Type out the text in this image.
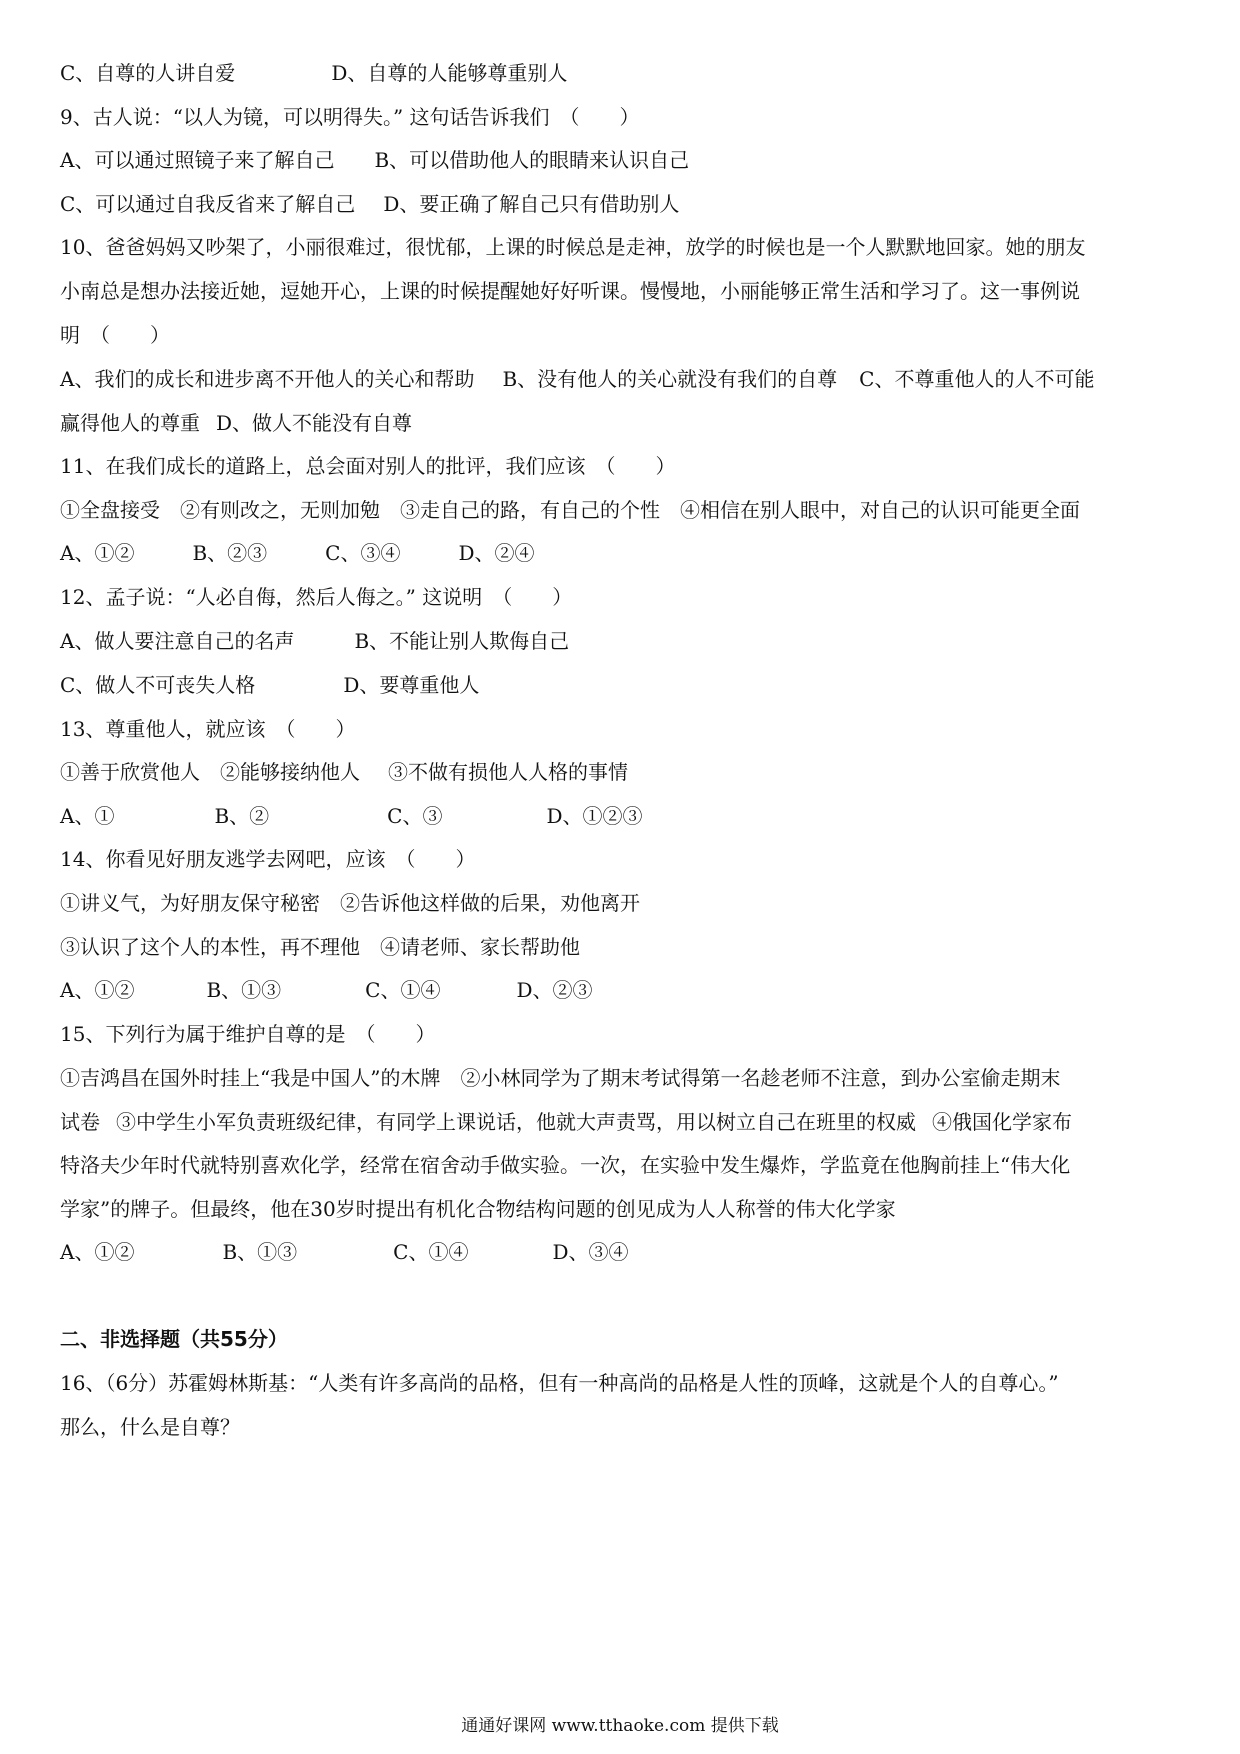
C、自尊的人讲自爱	D、自尊的人能够尊重别人
9、古人说：“以人为镜，可以明得失。” 这句话告诉我们　（　　）
A、可以通过照镜子来了解自己 B、可以借助他人的眼睛来认识自己
C、可以通过自我反省来了解自己 D、要正确了解自己只有借助别人
10、爸爸妈妈又吵架了，小丽很难过，很忧郁，上课的时候总是走神，放学的时候也是一个人默默地回家。她的朋友
小南总是想办法接近她，逗她开心，上课的时候提醒她好好听课。慢慢地，小丽能够正常生活和学习了。这一事例说
明　（　　）
A、我们的成长和进步离不开他人的关心和帮助 B、没有他人的关心就没有我们的自尊 C、不尊重他人的人不可能
赢得他人的尊重 D、做人不能没有自尊
11、在我们成长的道路上，总会面对别人的批评，我们应该　（　　）
①全盘接受 ②有则改之，无则加勉 ③走自己的路，有自己的个性 ④相信在别人眼中，对自己的认识可能更全面
A、①②	B、②③	C、③④	D、②④
12、孟子说：“人必自侮，然后人侮之。” 这说明　（　　）
A、做人要注意自己的名声	B、不能让别人欺侮自己
C、做人不可丧失人格	D、要尊重他人
13、尊重他人，就应该　（　　）
①善于欣赏他人 ②能够接纳他人 ③不做有损他人人格的事情
A、①	B、②	C、③	D、①②③
14、你看见好朋友逃学去网吧，应该　（　　）
①讲义气，为好朋友保守秘密 ②告诉他这样做的后果，劝他离开
③认识了这个人的本性，再不理他 ④请老师、家长帮助他
A、①②	B、①③	C、①④	D、②③
15、下列行为属于维护自尊的是　（　　）
①吉鸿昌在国外时挂上“我是中国人”的木牌 ②小林同学为了期末考试得第一名趁老师不注意，到办公室偷走期末
试卷 ③中学生小军负责班级纪律，有同学上课说话，他就大声责骂，用以树立自己在班里的权威 ④俄国化学家布
特洛夫少年时代就特别喜欢化学，经常在宿舍动手做实验。一次，在实验中发生爆炸，学监竟在他胸前挂上“伟大化
学家”的牌子。但最终，他在30岁时提出有机化合物结构问题的创见成为人人称誉的伟大化学家
A、①②	B、①③	C、①④	D、③④
二、非选择题（共55分）
16、（6分）苏霍姆林斯基：“人类有许多高尚的品格，但有一种高尚的品格是人性的顶峰，这就是个人的自尊心。”
那么，什么是自尊？
通通好课网 www.tthaoke.com 提供下载
